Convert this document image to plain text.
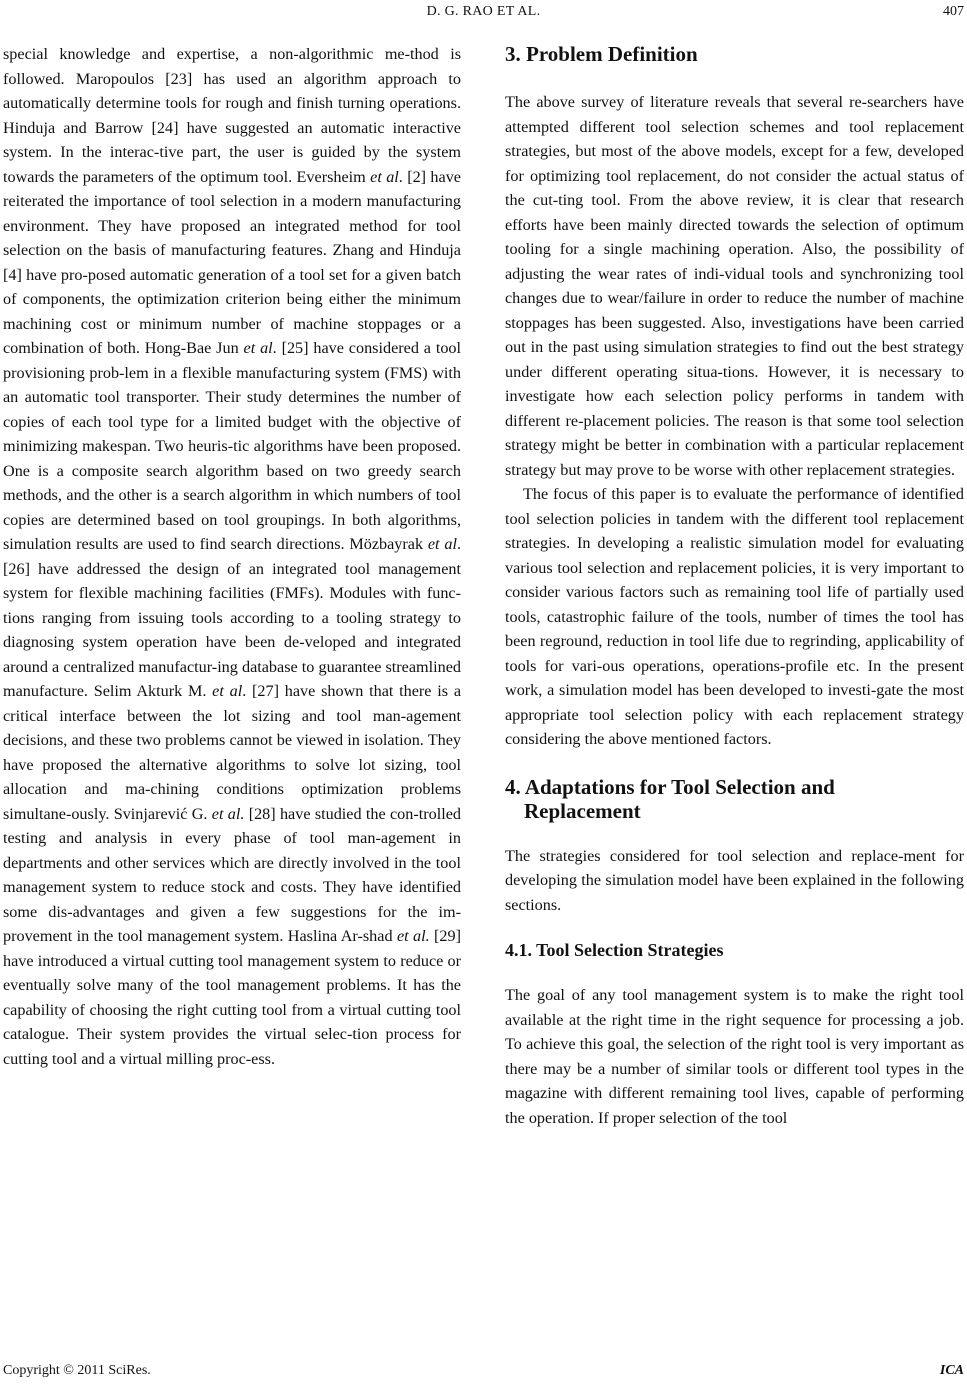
D. G. RAO ET AL.	407

special knowledge and expertise, a non-algorithmic me-thod is followed. Maropoulos [23] has used an algorithm approach to automatically determine tools for rough and finish turning operations. Hinduja and Barrow [24] have suggested an automatic interactive system. In the interac-tive part, the user is guided by the system towards the parameters of the optimum tool. Eversheim et al. [2] have reiterated the importance of tool selection in a modern manufacturing environment. They have proposed an integrated method for tool selection on the basis of manufacturing features. Zhang and Hinduja [4] have pro-posed automatic generation of a tool set for a given batch of components, the optimization criterion being either the minimum machining cost or minimum number of machine stoppages or a combination of both. Hong-Bae Jun et al. [25] have considered a tool provisioning prob-lem in a flexible manufacturing system (FMS) with an automatic tool transporter. Their study determines the number of copies of each tool type for a limited budget with the objective of minimizing makespan. Two heuris-tic algorithms have been proposed. One is a composite search algorithm based on two greedy search methods, and the other is a search algorithm in which numbers of tool copies are determined based on tool groupings. In both algorithms, simulation results are used to find search directions. Mözbayrak et al. [26] have addressed the design of an integrated tool management system for flexible machining facilities (FMFs). Modules with func-tions ranging from issuing tools according to a tooling strategy to diagnosing system operation have been de-veloped and integrated around a centralized manufactur-ing database to guarantee streamlined manufacture. Selim Akturk M. et al. [27] have shown that there is a critical interface between the lot sizing and tool man-agement decisions, and these two problems cannot be viewed in isolation. They have proposed the alternative algorithms to solve lot sizing, tool allocation and ma-chining conditions optimization problems simultane-ously. Svinjarević G. et al. [28] have studied the con-trolled testing and analysis in every phase of tool man-agement in departments and other services which are directly involved in the tool management system to reduce stock and costs. They have identified some dis-advantages and given a few suggestions for the im-provement in the tool management system. Haslina Ar-shad et al. [29] have introduced a virtual cutting tool management system to reduce or eventually solve many of the tool management problems. It has the capability of choosing the right cutting tool from a virtual cutting tool catalogue. Their system provides the virtual selec-tion process for cutting tool and a virtual milling proc-ess.

3. Problem Definition

The above survey of literature reveals that several re-searchers have attempted different tool selection schemes and tool replacement strategies, but most of the above models, except for a few, developed for optimizing tool replacement, do not consider the actual status of the cut-ting tool. From the above review, it is clear that research efforts have been mainly directed towards the selection of optimum tooling for a single machining operation. Also, the possibility of adjusting the wear rates of indi-vidual tools and synchronizing tool changes due to wear/failure in order to reduce the number of machine stoppages has been suggested. Also, investigations have been carried out in the past using simulation strategies to find out the best strategy under different operating situa-tions. However, it is necessary to investigate how each selection policy performs in tandem with different re-placement policies. The reason is that some tool selection strategy might be better in combination with a particular replacement strategy but may prove to be worse with other replacement strategies.

The focus of this paper is to evaluate the performance of identified tool selection policies in tandem with the different tool replacement strategies. In developing a realistic simulation model for evaluating various tool selection and replacement policies, it is very important to consider various factors such as remaining tool life of partially used tools, catastrophic failure of the tools, number of times the tool has been reground, reduction in tool life due to regrinding, applicability of tools for vari-ous operations, operations-profile etc. In the present work, a simulation model has been developed to investi-gate the most appropriate tool selection policy with each replacement strategy considering the above mentioned factors.

4. Adaptations for Tool Selection and
Replacement

The strategies considered for tool selection and replace-ment for developing the simulation model have been explained in the following sections.

4.1. Tool Selection Strategies

The goal of any tool management system is to make the right tool available at the right time in the right sequence for processing a job. To achieve this goal, the selection of the right tool is very important as there may be a number of similar tools or different tool types in the magazine with different remaining tool lives, capable of performing the operation. If proper selection of the tool

Copyright © 2011 SciRes.	ICA
